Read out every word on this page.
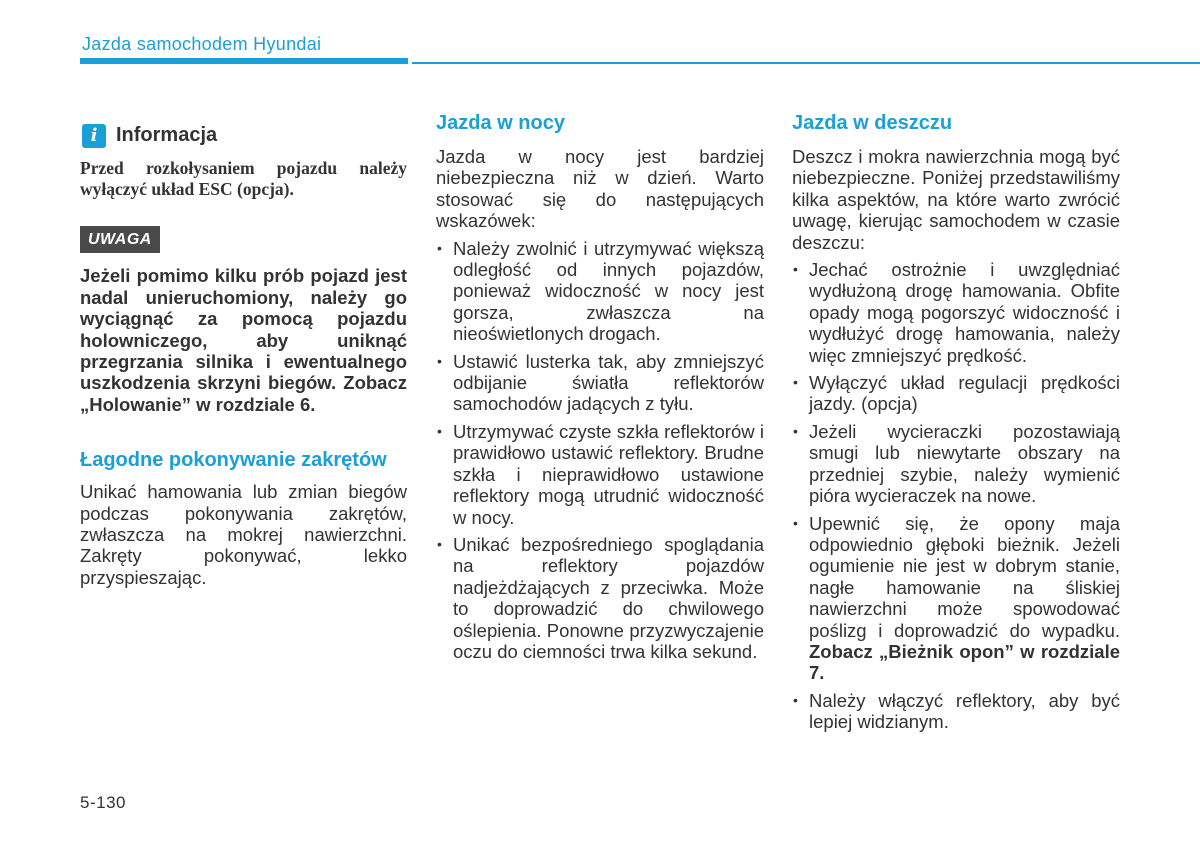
Jazda samochodem Hyundai
i Informacja
Przed rozkołysaniem pojazdu należy wyłączyć układ ESC (opcja).
UWAGA
Jeżeli pomimo kilku prób pojazd jest nadal unieruchomiony, należy go wyciągnąć za pomocą pojazdu holowniczego, aby uniknąć przegrzania silnika i ewentualnego uszkodzenia skrzyni biegów. Zobacz „Holowanie” w rozdziale 6.
Łagodne pokonywanie zakrętów
Unikać hamowania lub zmian biegów podczas pokonywania zakrętów, zwłaszcza na mokrej nawierzchni. Zakręty pokonywać, lekko przyspieszając.
Jazda w nocy
Jazda w nocy jest bardziej niebezpieczna niż w dzień. Warto stosować się do następujących wskazówek:
• Należy zwolnić i utrzymywać większą odległość od innych pojazdów, ponieważ widoczność w nocy jest gorsza, zwłaszcza na nieoświetlonych drogach.
• Ustawić lusterka tak, aby zmniejszyć odbijanie światła reflektorów samochodów jadących z tyłu.
• Utrzymywać czyste szkła reflektorów i prawidłowo ustawić reflektory. Brudne szkła i nieprawidłowo ustawione reflektory mogą utrudnić widoczność w nocy.
• Unikać bezpośredniego spoglądania na reflektory pojazdów nadjeżdżających z przeciwka. Może to doprowadzić do chwilowego oślepienia. Ponowne przyzwyczajenie oczu do ciemności trwa kilka sekund.
Jazda w deszczu
Deszcz i mokra nawierzchnia mogą być niebezpieczne. Poniżej przedstawiliśmy kilka aspektów, na które warto zwrócić uwagę, kierując samochodem w czasie deszczu:
• Jechać ostrożnie i uwzględniać wydłużoną drogę hamowania. Obfite opady mogą pogorszyć widoczność i wydłużyć drogę hamowania, należy więc zmniejszyć prędkość.
• Wyłączyć układ regulacji prędkości jazdy. (opcja)
• Jeżeli wycieraczki pozostawiają smugi lub niewytarte obszary na przedniej szybie, należy wymienić pióra wycieraczek na nowe.
• Upewnić się, że opony maja odpowiednio głęboki bieżnik. Jeżeli ogumienie nie jest w dobrym stanie, nagłe hamowanie na śliskiej nawierzchni może spowodować poślizg i doprowadzić do wypadku. Zobacz „Bieżnik opon” w rozdziale 7.
• Należy włączyć reflektory, aby być lepiej widzianym.
5-130
